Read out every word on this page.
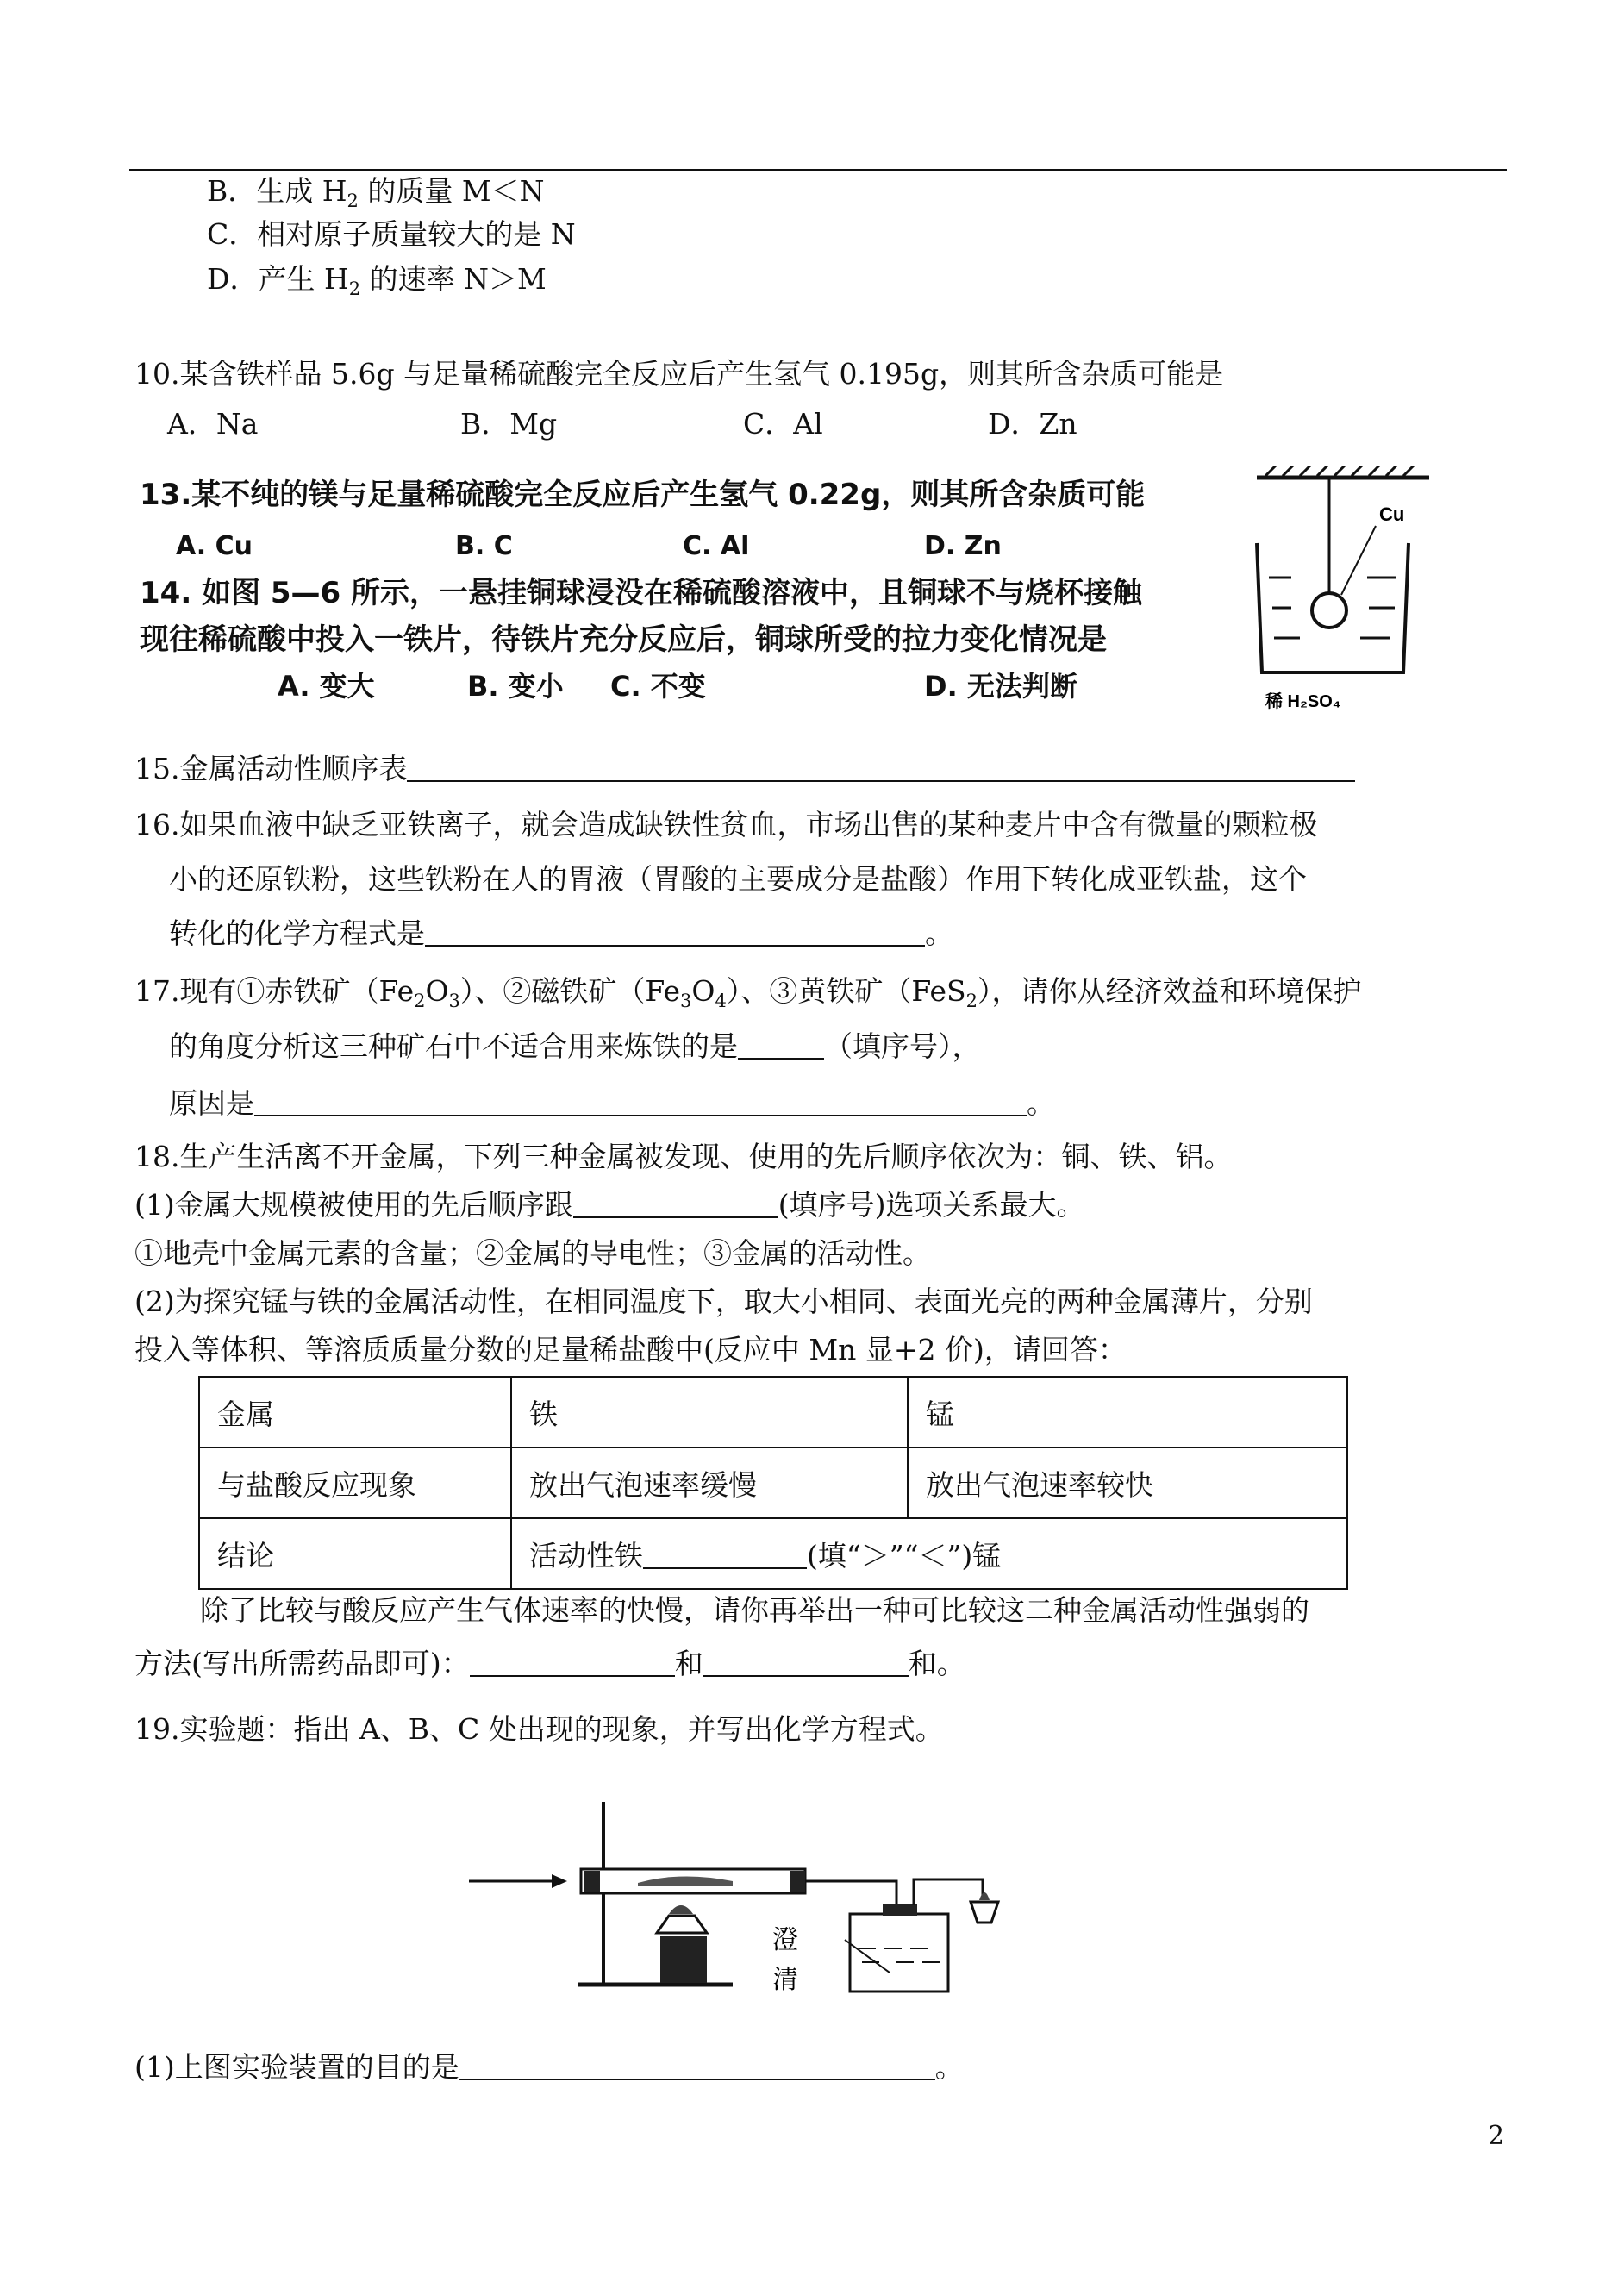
B．生成 $H_2$ 的质量 M＜N
C．相对原子质量较大的是 N
D．产生 $H_2$ 的速率 N＞M
10.某含铁样品 5.6g 与足量稀硫酸完全反应后产生氢气 0.195g，则其所含杂质可能是
A．Na	B．Mg	C．Al	D．Zn
13.某不纯的镁与足量稀硫酸完全反应后产生氢气 0.22g，则其所含杂质可能
A. Cu	B. C	C. Al	D. Zn
14. 如图 5—6 所示，一悬挂铜球浸没在稀硫酸溶液中，且铜球不与烧杯接触
现往稀硫酸中投入一铁片，待铁片充分反应后，铜球所受的拉力变化情况是
A. 变大	B. 变小 C. 不变	D. 无法判断
Cu
稀 H₂SO₄
15.金属活动性顺序表
16.如果血液中缺乏亚铁离子，就会造成缺铁性贫血，市场出售的某种麦片中含有微量的颗粒极
小的还原铁粉，这些铁粉在人的胃液（胃酸的主要成分是盐酸）作用下转化成亚铁盐，这个
转化的化学方程式是	。
17.现有①赤铁矿$(Fe_2O_3)$、②磁铁矿$(Fe_3O_4)$、③黄铁矿（FeS$_2$），请你从经济效益和环境保护
的角度分析这三种矿石中不适合用来炼铁的是	（填序号），
原因是	。
18.生产生活离不开金属，下列三种金属被发现、使用的先后顺序依次为：铜、铁、铝。
(1)金属大规模被使用的先后顺序跟	(填序号)选项关系最大。
①地壳中金属元素的含量；②金属的导电性；③金属的活动性。
(2)为探究锰与铁的金属活动性，在相同温度下，取大小相同、表面光亮的两种金属薄片，分别
投入等体积、等溶质质量分数的足量稀盐酸中(反应中 Mn 显+2 价)，请回答：
金属	铁	锰
与盐酸反应现象	放出气泡速率缓慢	放出气泡速率较快
结论	活动性铁 (填“＞”“＜”)锰	
除了比较与酸反应产生气体速率的快慢，请你再举出一种可比较这二种金属活动性强弱的
方法(写出所需药品即可)：	和	和。
19.实验题：指出 A、B、C 处出现的现象，并写出化学方程式。
澄
清
(1)上图实验装置的目的是	。
2
